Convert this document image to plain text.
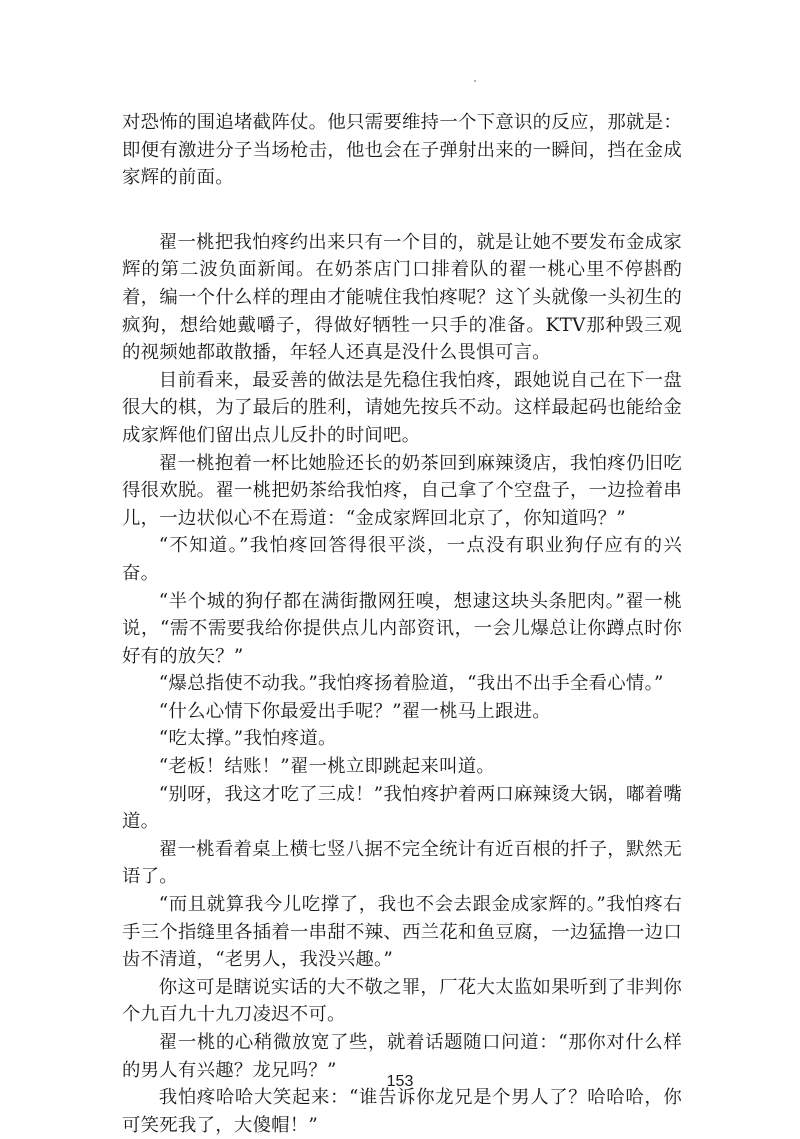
对恐怖的围追堵截阵仗。他只需要维持一个下意识的反应，那就是：即便有激进分子当场枪击，他也会在子弹射出来的一瞬间，挡在金成家辉的前面。

翟一桃把我怕疼约出来只有一个目的，就是让她不要发布金成家辉的第二波负面新闻。在奶茶店门口排着队的翟一桃心里不停斟酌着，编一个什么样的理由才能唬住我怕疼呢？这丫头就像一头初生的疯狗，想给她戴嚼子，得做好牺牲一只手的准备。KTV那种毁三观的视频她都敢散播，年轻人还真是没什么畏惧可言。

目前看来，最妥善的做法是先稳住我怕疼，跟她说自己在下一盘很大的棋，为了最后的胜利，请她先按兵不动。这样最起码也能给金成家辉他们留出点儿反扑的时间吧。

翟一桃抱着一杯比她脸还长的奶茶回到麻辣烫店，我怕疼仍旧吃得很欢脱。翟一桃把奶茶给我怕疼，自己拿了个空盘子，一边捡着串儿，一边状似心不在焉道：“金成家辉回北京了，你知道吗？”

“不知道。”我怕疼回答得很平淡，一点没有职业狗仔应有的兴奋。

“半个城的狗仔都在满街撒网狂嗅，想逮这块头条肥肉。”翟一桃说，“需不需要我给你提供点儿内部资讯，一会儿爆总让你蹲点时你好有的放矢？”

“爆总指使不动我。”我怕疼扬着脸道，“我出不出手全看心情。”

“什么心情下你最爱出手呢？”翟一桃马上跟进。

“吃太撑。”我怕疼道。

“老板！结账！”翟一桃立即跳起来叫道。

“别呀，我这才吃了三成！”我怕疼护着两口麻辣烫大锅，嘟着嘴道。

翟一桃看着桌上横七竖八据不完全统计有近百根的扦子，默然无语了。

“而且就算我今儿吃撑了，我也不会去跟金成家辉的。”我怕疼右手三个指缝里各插着一串甜不辣、西兰花和鱼豆腐，一边猛撸一边口齿不清道，“老男人，我没兴趣。”

你这可是瞎说实话的大不敬之罪，厂花大太监如果听到了非判你个九百九十九刀凌迟不可。

翟一桃的心稍微放宽了些，就着话题随口问道：“那你对什么样的男人有兴趣？龙兄吗？”

我怕疼哈哈大笑起来：“谁告诉你龙兄是个男人了？哈哈哈，你可笑死我了，大傻帽！”

153
